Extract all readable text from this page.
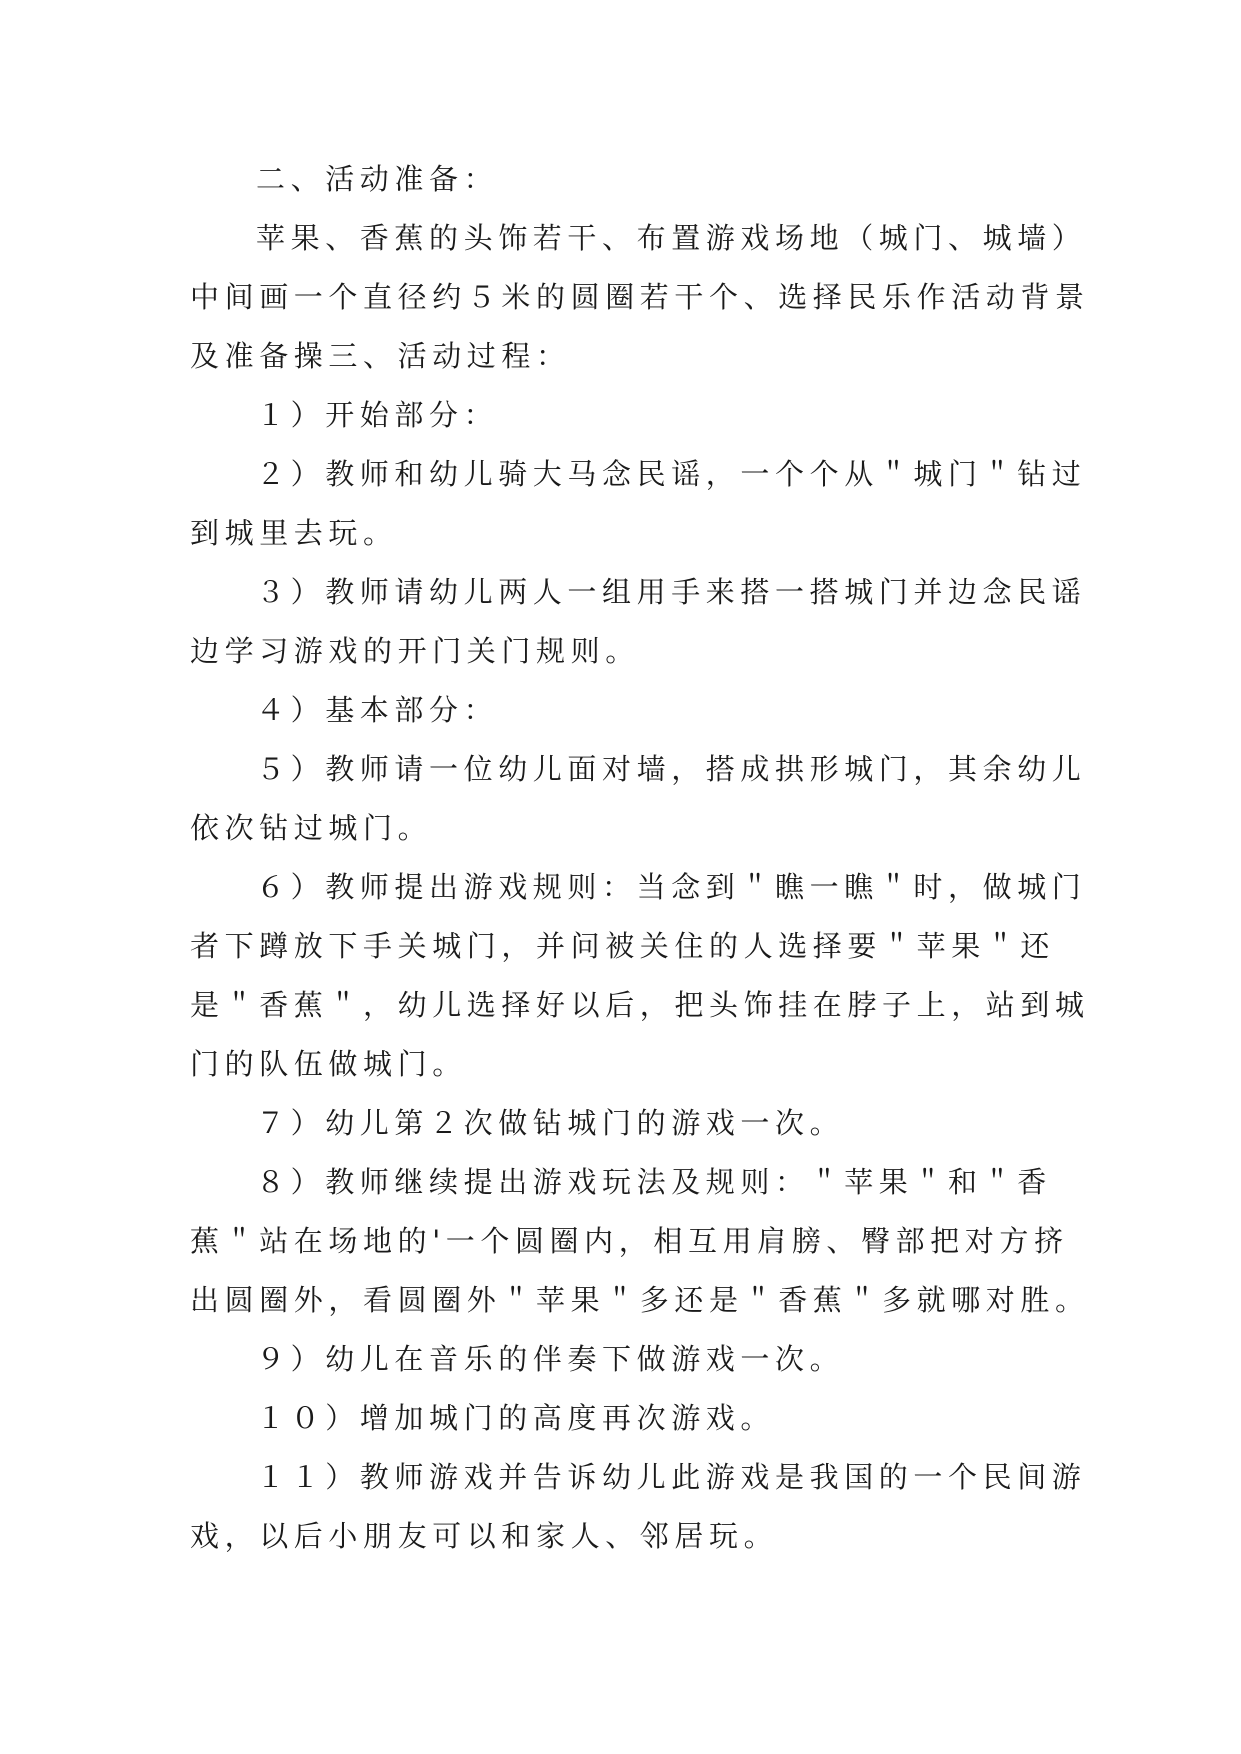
二、活动准备：

苹果、香蕉的头饰若干、布置游戏场地（城门、城墙）

中间画一个直径约５米的圆圈若干个、选择民乐作活动背景

及准备操三、活动过程：

１）开始部分：

２）教师和幼儿骑大马念民谣，一个个从＂城门＂钻过

到城里去玩。

３）教师请幼儿两人一组用手来搭一搭城门并边念民谣

边学习游戏的开门关门规则。

４）基本部分：

５）教师请一位幼儿面对墙，搭成拱形城门，其余幼儿

依次钻过城门。

６）教师提出游戏规则：当念到＂瞧一瞧＂时，做城门

者下蹲放下手关城门，并问被关住的人选择要＂苹果＂还

是＂香蕉＂，幼儿选择好以后，把头饰挂在脖子上，站到城

门的队伍做城门。

７）幼儿第２次做钻城门的游戏一次。

８）教师继续提出游戏玩法及规则：＂苹果＂和＂香

蕉＂站在场地的'一个圆圈内，相互用肩膀、臀部把对方挤

出圆圈外，看圆圈外＂苹果＂多还是＂香蕉＂多就哪对胜。

９）幼儿在音乐的伴奏下做游戏一次。

１０）增加城门的高度再次游戏。

１１）教师游戏并告诉幼儿此游戏是我国的一个民间游

戏，以后小朋友可以和家人、邻居玩。
